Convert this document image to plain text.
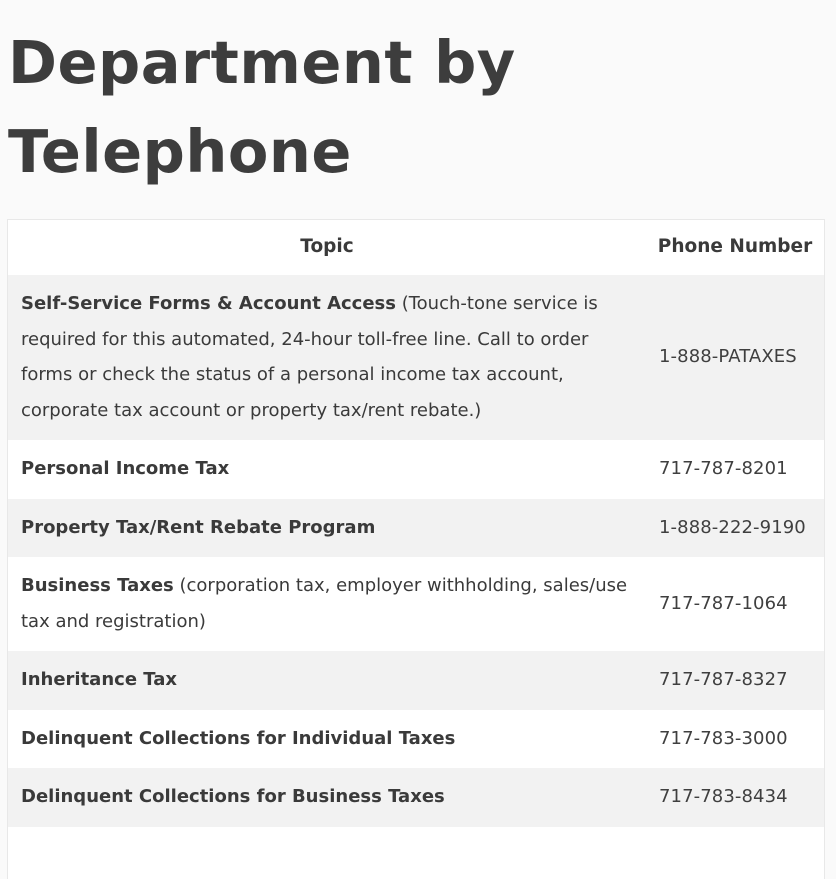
Department by Telephone
Topic	Phone Number
Self-Service Forms & Account Access (Touch-tone service is required for this automated, 24-hour toll-free line. Call to order forms or check the status of a personal income tax account, corporate tax account or property tax/rent rebate.)	1-888-PATAXES
Personal Income Tax	717-787-8201
Property Tax/Rent Rebate Program	1-888-222-9190
Business Taxes (corporation tax, employer withholding, sales/use tax and registration)	717-787-1064
Inheritance Tax	717-787-8327
Delinquent Collections for Individual Taxes	717-783-3000
Delinquent Collections for Business Taxes	717-783-8434
